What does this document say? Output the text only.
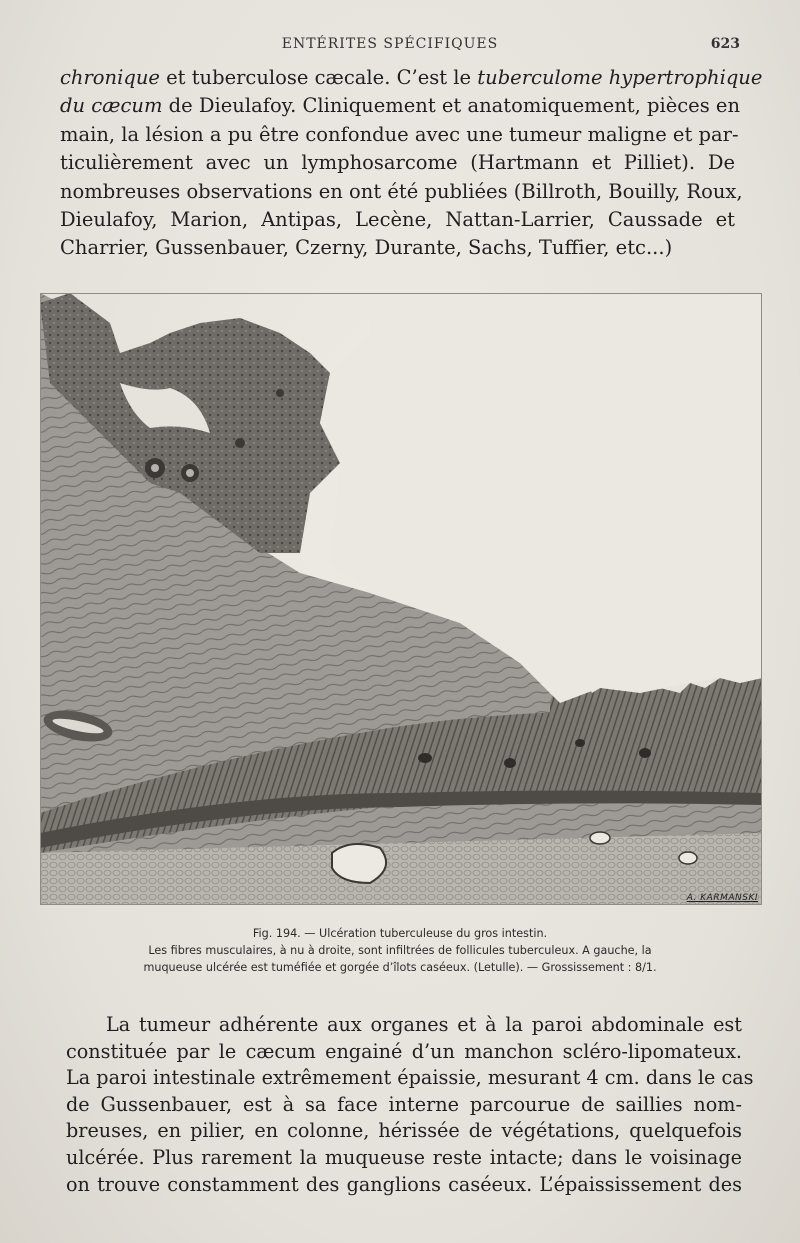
ENTÉRITES SPÉCIFIQUES	623
chronique et tuberculose cæcale. C’est le tuberculome hypertrophique
du cæcum de Dieulafoy. Cliniquement et anatomiquement, pièces en
main, la lésion a pu être confondue avec une tumeur maligne et par-
ticulièrement avec un lymphosarcome (Hartmann et Pilliet). De
nombreuses observations en ont été publiées (Billroth, Bouilly, Roux,
Dieulafoy, Marion, Antipas, Lecène, Nattan-Larrier, Caussade et
Charrier, Gussenbauer, Czerny, Durante, Sachs, Tuffier, etc...)
A. KARMANSKI
Fig. 194. — Ulcération tuberculeuse du gros intestin.
Les fibres musculaires, à nu à droite, sont infiltrées de follicules tuberculeux. A gauche, la
muqueuse ulcérée est tuméfiée et gorgée d’îlots caséeux. (Letulle). — Grossissement : 8/1.
La tumeur adhérente aux organes et à la paroi abdominale est
constituée par le cæcum engainé d’un manchon scléro-lipomateux.
La paroi intestinale extrêmement épaissie, mesurant 4 cm. dans le cas
de Gussenbauer, est à sa face interne parcourue de saillies nom-
breuses, en pilier, en colonne, hérissée de végétations, quelquefois
ulcérée. Plus rarement la muqueuse reste intacte; dans le voisinage
on trouve constamment des ganglions caséeux. L’épaississement des
